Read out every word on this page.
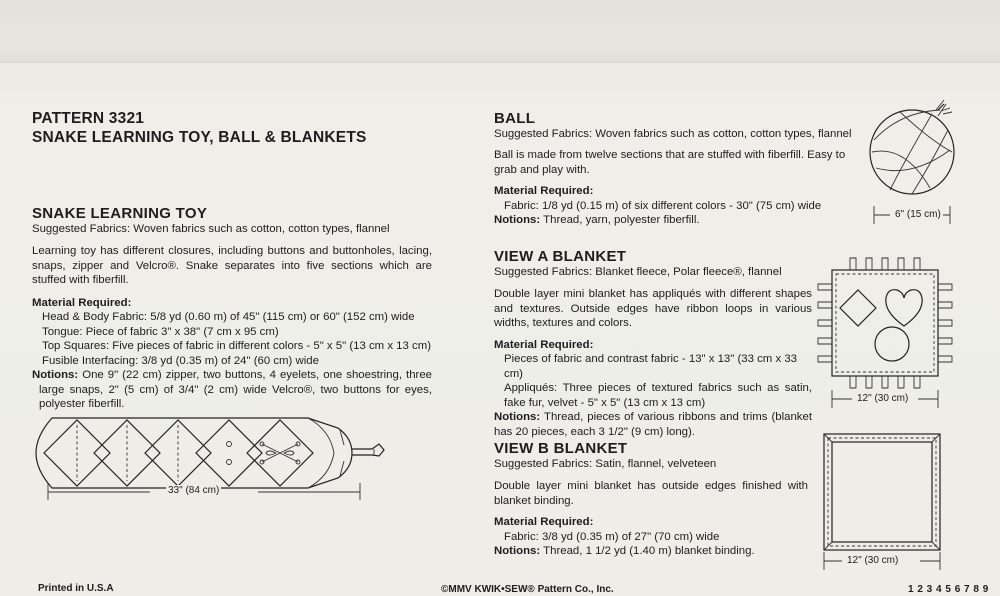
PATTERN 3321
SNAKE LEARNING TOY, BALL & BLANKETS
SNAKE LEARNING TOY
Suggested Fabrics: Woven fabrics such as cotton, cotton types, flannel
Learning toy has different closures, including buttons and buttonholes, lacing, snaps, zipper and Velcro®. Snake separates into five sections which are stuffed with fiberfill.
Material Required:
Head & Body Fabric: 5/8 yd (0.60 m) of 45" (115 cm) or 60" (152 cm) wide
Tongue: Piece of fabric 3" x 38" (7 cm x 95 cm)
Top Squares: Five pieces of fabric in different colors - 5" x 5" (13 cm x 13 cm)
Fusible Interfacing: 3/8 yd (0.35 m) of 24" (60 cm) wide
Notions: One 9" (22 cm) zipper, two buttons, 4 eyelets, one shoestring, three large snaps, 2" (5 cm) of 3/4" (2 cm) wide Velcro®, two buttons for eyes, polyester fiberfill.
33" (84 cm)
BALL
Suggested Fabrics: Woven fabrics such as cotton, cotton types, flannel
Ball is made from twelve sections that are stuffed with fiberfill. Easy to grab and play with.
Material Required:
Fabric: 1/8 yd (0.15 m) of six different colors - 30" (75 cm) wide
Notions: Thread, yarn, polyester fiberfill.	6" (15 cm)
VIEW A BLANKET
Suggested Fabrics: Blanket fleece, Polar fleece®, flannel
Double layer mini blanket has appliqués with different shapes and textures. Outside edges have ribbon loops in various widths, textures and colors.
Material Required:
Pieces of fabric and contrast fabric - 13" x 13" (33 cm x 33 cm)
Appliqués: Three pieces of textured fabrics such as satin, fake fur, velvet - 5" x 5" (13 cm x 13 cm)
Notions: Thread, pieces of various ribbons and trims (blanket has 20 pieces, each 3 1/2" (9 cm) long).
12" (30 cm)
VIEW B BLANKET
Suggested Fabrics: Satin, flannel, velveteen
Double layer mini blanket has outside edges finished with blanket binding.
Material Required:
Fabric: 3/8 yd (0.35 m) of 27" (70 cm) wide
Notions: Thread, 1 1/2 yd (1.40 m) blanket binding.
12" (30 cm)
Printed in U.S.A	©MMV KWIK•SEW® Pattern Co., Inc.	1 2 3 4 5 6 7 8 9
